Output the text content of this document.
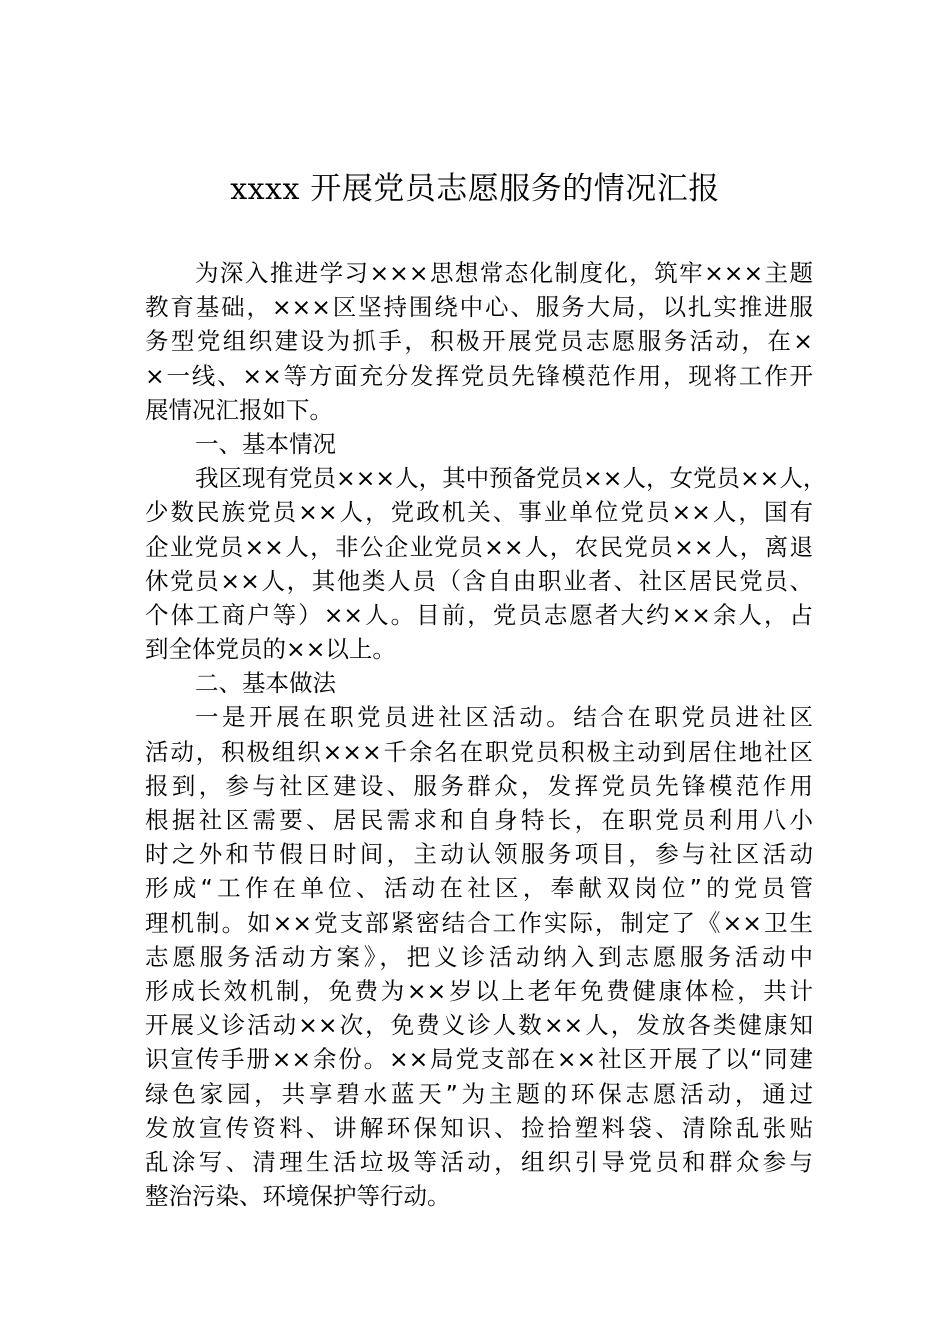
xxxx 开展党员志愿服务的情况汇报
为深入推进学习×××思想常态化制度化，筑牢×××主题
教育基础，×××区坚持围绕中心、服务大局，以扎实推进服
务型党组织建设为抓手，积极开展党员志愿服务活动，在×
×一线、××等方面充分发挥党员先锋模范作用，现将工作开
展情况汇报如下。
一、基本情况
我区现有党员×××人，其中预备党员××人，女党员××人，
少数民族党员××人，党政机关、事业单位党员××人，国有
企业党员××人，非公企业党员××人，农民党员××人，离退
休党员××人，其他类人员（含自由职业者、社区居民党员、
个体工商户等）××人。目前，党员志愿者大约××余人，占
到全体党员的××以上。
二、基本做法
一是开展在职党员进社区活动。结合在职党员进社区
活动，积极组织×××千余名在职党员积极主动到居住地社区
报到，参与社区建设、服务群众，发挥党员先锋模范作用
根据社区需要、居民需求和自身特长，在职党员利用八小
时之外和节假日时间，主动认领服务项目，参与社区活动
形成“工作在单位、活动在社区，奉献双岗位”的党员管
理机制。如××党支部紧密结合工作实际，制定了《××卫生
志愿服务活动方案》，把义诊活动纳入到志愿服务活动中
形成长效机制，免费为××岁以上老年免费健康体检，共计
开展义诊活动××次，免费义诊人数××人，发放各类健康知
识宣传手册××余份。××局党支部在××社区开展了以“同建
绿色家园，共享碧水蓝天”为主题的环保志愿活动，通过
发放宣传资料、讲解环保知识、捡拾塑料袋、清除乱张贴
乱涂写、清理生活垃圾等活动，组织引导党员和群众参与
整治污染、环境保护等行动。
